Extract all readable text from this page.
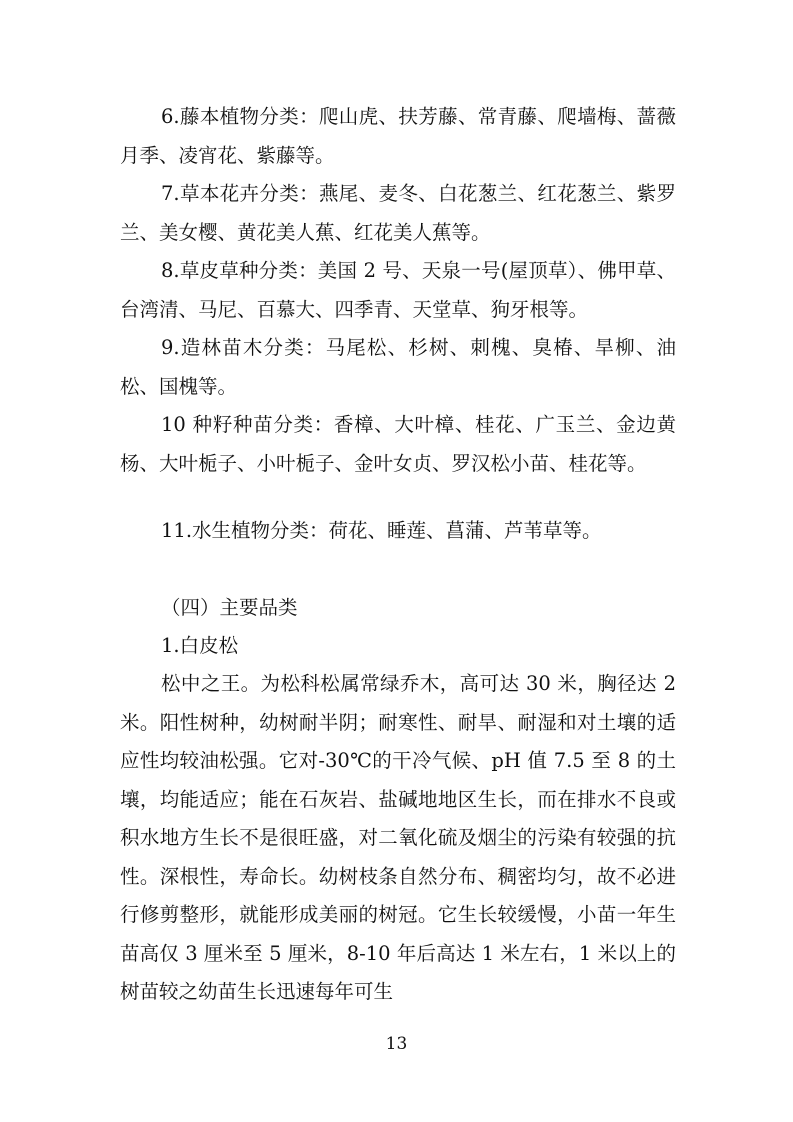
6.藤本植物分类：爬山虎、扶芳藤、常青藤、爬墙梅、蔷薇月季、凌宵花、紫藤等。

7.草本花卉分类：燕尾、麦冬、白花葱兰、红花葱兰、紫罗兰、美女樱、黄花美人蕉、红花美人蕉等。

8.草皮草种分类：美国 2 号、天泉一号(屋顶草）、佛甲草、台湾清、马尼、百慕大、四季青、天堂草、狗牙根等。

9.造林苗木分类：马尾松、杉树、刺槐、臭椿、旱柳、油松、国槐等。

10 种籽种苗分类：香樟、大叶樟、桂花、广玉兰、金边黄杨、大叶栀子、小叶栀子、金叶女贞、罗汉松小苗、桂花等。

11.水生植物分类：荷花、睡莲、菖蒲、芦苇草等。

（四）主要品类

1.白皮松

松中之王。为松科松属常绿乔木，高可达 30 米，胸径达 2 米。阳性树种，幼树耐半阴；耐寒性、耐旱、耐湿和对土壤的适应性均较油松强。它对-30℃的干冷气候、pH 值 7.5 至 8 的土壤，均能适应；能在石灰岩、盐碱地地区生长，而在排水不良或积水地方生长不是很旺盛，对二氧化硫及烟尘的污染有较强的抗性。深根性，寿命长。幼树枝条自然分布、稠密均匀，故不必进行修剪整形，就能形成美丽的树冠。它生长较缓慢，小苗一年生苗高仅 3 厘米至 5 厘米，8-10 年后高达 1 米左右，1 米以上的树苗较之幼苗生长迅速每年可生

13
